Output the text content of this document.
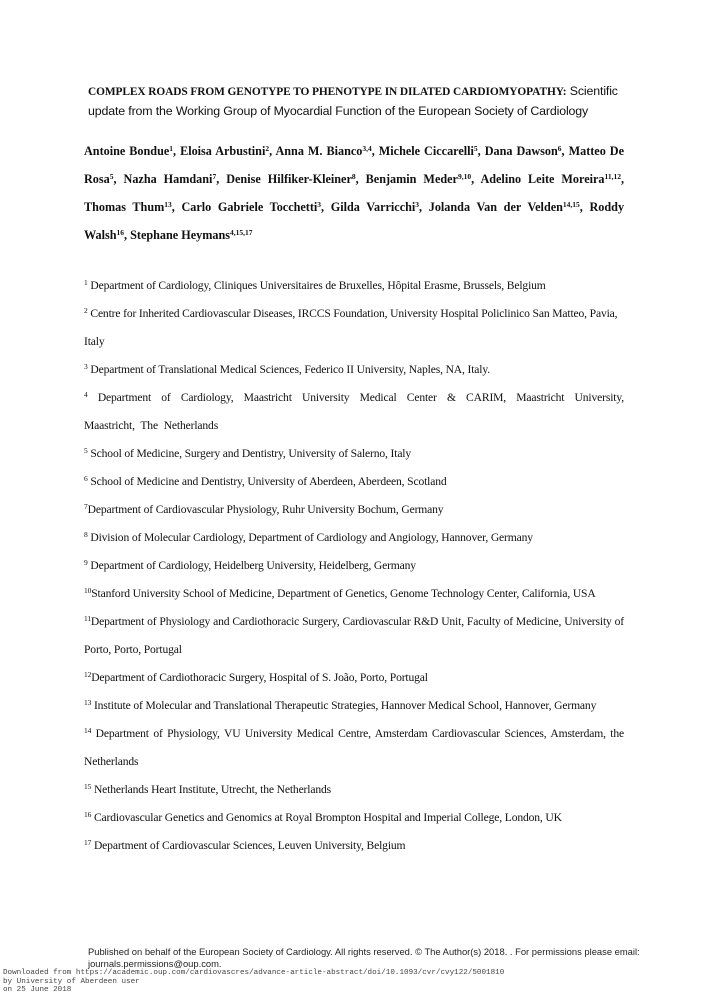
COMPLEX ROADS FROM GENOTYPE TO PHENOTYPE IN DILATED CARDIOMYOPATHY: Scientific update from the Working Group of Myocardial Function of the European Society of Cardiology
Antoine Bondue$^1$, Eloisa Arbustini$^2$, Anna M. Bianco$^{3,4}$, Michele Ciccarelli$^5$, Dana Dawson$^6$, Matteo De Rosa$^5$, Nazha Hamdani$^7$, Denise Hilfiker-Kleiner$^8$, Benjamin Meder$^{9,10}$, Adelino Leite Moreira$^{11,12}$, Thomas Thum$^{13}$, Carlo Gabriele Tocchetti$^3$, Gilda Varricchi$^3$, Jolanda Van der Velden$^{14,15}$, Roddy Walsh$^{16}$, Stephane Heymans$^{4,15,17}$

$^1$ Department of Cardiology, Cliniques Universitaires de Bruxelles, Hôpital Erasme, Brussels, Belgium

$^2$ Centre for Inherited Cardiovascular Diseases, IRCCS Foundation, University Hospital Policlinico San Matteo, Pavia, Italy

$^3$ Department of Translational Medical Sciences, Federico II University, Naples, NA, Italy.

$^4$ Department of Cardiology, Maastricht University Medical Center & CARIM, Maastricht University, Maastricht, The Netherlands

$^5$ School of Medicine, Surgery and Dentistry, University of Salerno, Italy

$^6$ School of Medicine and Dentistry, University of Aberdeen, Aberdeen, Scotland

$^7$Department of Cardiovascular Physiology, Ruhr University Bochum, Germany

$^8$ Division of Molecular Cardiology, Department of Cardiology and Angiology, Hannover, Germany

$^9$ Department of Cardiology, Heidelberg University, Heidelberg, Germany

$^{10}$Stanford University School of Medicine, Department of Genetics, Genome Technology Center, California, USA

$^{11}$Department of Physiology and Cardiothoracic Surgery, Cardiovascular R&D Unit, Faculty of Medicine, University of Porto, Porto, Portugal

$^{12}$Department of Cardiothoracic Surgery, Hospital of S. João, Porto, Portugal

$^{13}$ Institute of Molecular and Translational Therapeutic Strategies, Hannover Medical School, Hannover, Germany

$^{14}$ Department of Physiology, VU University Medical Centre, Amsterdam Cardiovascular Sciences, Amsterdam, the Netherlands

$^{15}$ Netherlands Heart Institute, Utrecht, the Netherlands

$^{16}$ Cardiovascular Genetics and Genomics at Royal Brompton Hospital and Imperial College, London, UK

$^{17}$ Department of Cardiovascular Sciences, Leuven University, Belgium

Published on behalf of the European Society of Cardiology. All rights reserved. © The Author(s) 2018. . For permissions please email: journals.permissions@oup.com.
Downloaded from https://academic.oup.com/cardiovascres/advance-article-abstract/doi/10.1093/cvr/cvy122/5001810
by University of Aberdeen user
on 25 June 2018
